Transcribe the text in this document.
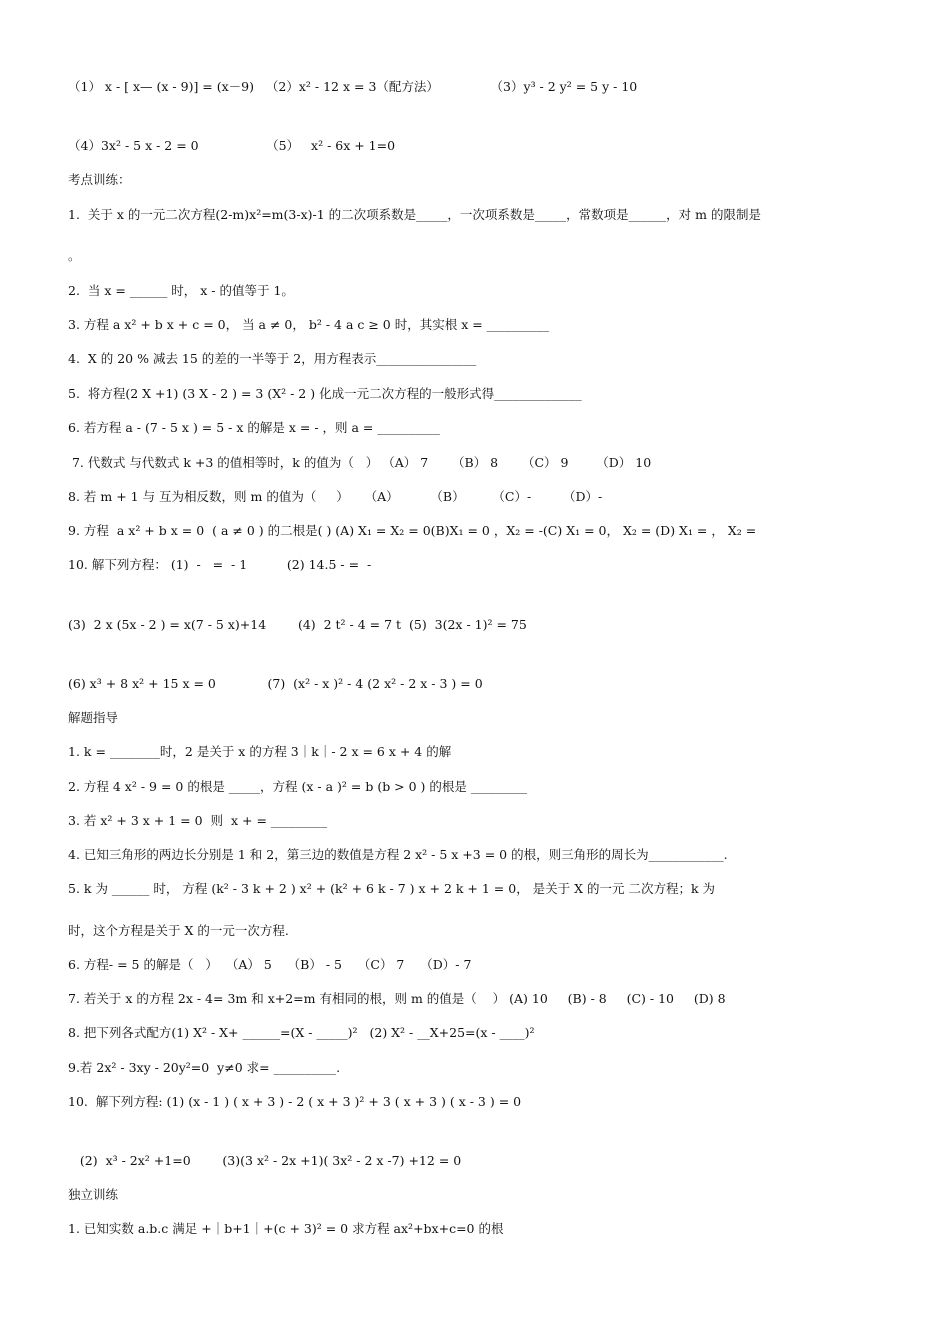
（1） x - [ x— (x - 9)] = (x－9)   （2）x² - 12 x = 3（配方法）             （3）y³ - 2 y² = 5 y - 10
（4）3x² - 5 x - 2 = 0                 （5）   x² - 6x + 1=0
考点训练：
1.  关于 x 的一元二次方程(2-m)x²=m(3-x)-1 的二次项系数是_____，一次项系数是_____，常数项是______，对 m 的限制是
。
2.  当 x = ______ 时， x - 的值等于 1。
3. 方程 a x² + b x + c = 0， 当 a ≠ 0， b² - 4 a c ≥ 0 时，其实根 x = __________
4.  X 的 20 % 减去 15 的差的一半等于 2，用方程表示________________
5.  将方程(2 X +1) (3 X - 2 ) = 3 (X² - 2 ) 化成一元二次方程的一般形式得______________
6. 若方程 a - (7 - 5 x ) = 5 - x 的解是 x = - ，则 a = __________
7. 代数式 与代数式 k +3 的值相等时，k 的值为（   ） （A） 7      （B） 8      （C） 9       （D） 10
8. 若 m + 1 与 互为相反数，则 m 的值为（     ）    （A）        （B）       （C）-        （D）-
9. 方程  a x² + b x = 0  ( a ≠ 0 ) 的二根是( ) (A) X₁ = X₂ = 0(B)X₁ = 0 ，X₂ = -(C) X₁ = 0， X₂ = (D) X₁ = ， X₂ =
10. 解下列方程： (1)  -   =  - 1          (2) 14.5 - =  -
(3)  2 x (5x - 2 ) = x(7 - 5 x)+14        (4)  2 t² - 4 = 7 t  (5)  3(2x - 1)² = 75
(6) x³ + 8 x² + 15 x = 0             (7)  (x² - x )² - 4 (2 x² - 2 x - 3 ) = 0
解题指导
1. k = ________时，2 是关于 x 的方程 3｜k｜- 2 x = 6 x + 4 的解
2. 方程 4 x² - 9 = 0 的根是 _____，方程 (x - a )² = b (b > 0 ) 的根是 _________
3. 若 x² + 3 x + 1 = 0  则  x + = _________
4. 已知三角形的两边长分别是 1 和 2，第三边的数值是方程 2 x² - 5 x +3 = 0 的根，则三角形的周长为____________.
5. k 为 ______ 时， 方程 (k² - 3 k + 2 ) x² + (k² + 6 k - 7 ) x + 2 k + 1 = 0， 是关于 X 的一元 二次方程；k 为
时，这个方程是关于 X 的一元一次方程.
6. 方程- = 5 的解是（   ）  （A） 5    （B） - 5    （C） 7    （D）- 7
7. 若关于 x 的方程 2x - 4= 3m 和 x+2=m 有相同的根，则 m 的值是（    ） (A) 10     (B) - 8     (C) - 10     (D) 8
8. 把下列各式配方(1) X² - X+ ______=(X - _____)²   (2) X² - __X+25=(x - ____)²
9.若 2x² - 3xy - 20y²=0  y≠0 求= __________.
10.  解下列方程: (1) (x - 1 ) ( x + 3 ) - 2 ( x + 3 )² + 3 ( x + 3 ) ( x - 3 ) = 0
(2)  x³ - 2x² +1=0        (3)(3 x² - 2x +1)( 3x² - 2 x -7) +12 = 0
独立训练
1. 已知实数 a.b.c 满足 +｜b+1｜+(c + 3)² = 0 求方程 ax²+bx+c=0 的根
